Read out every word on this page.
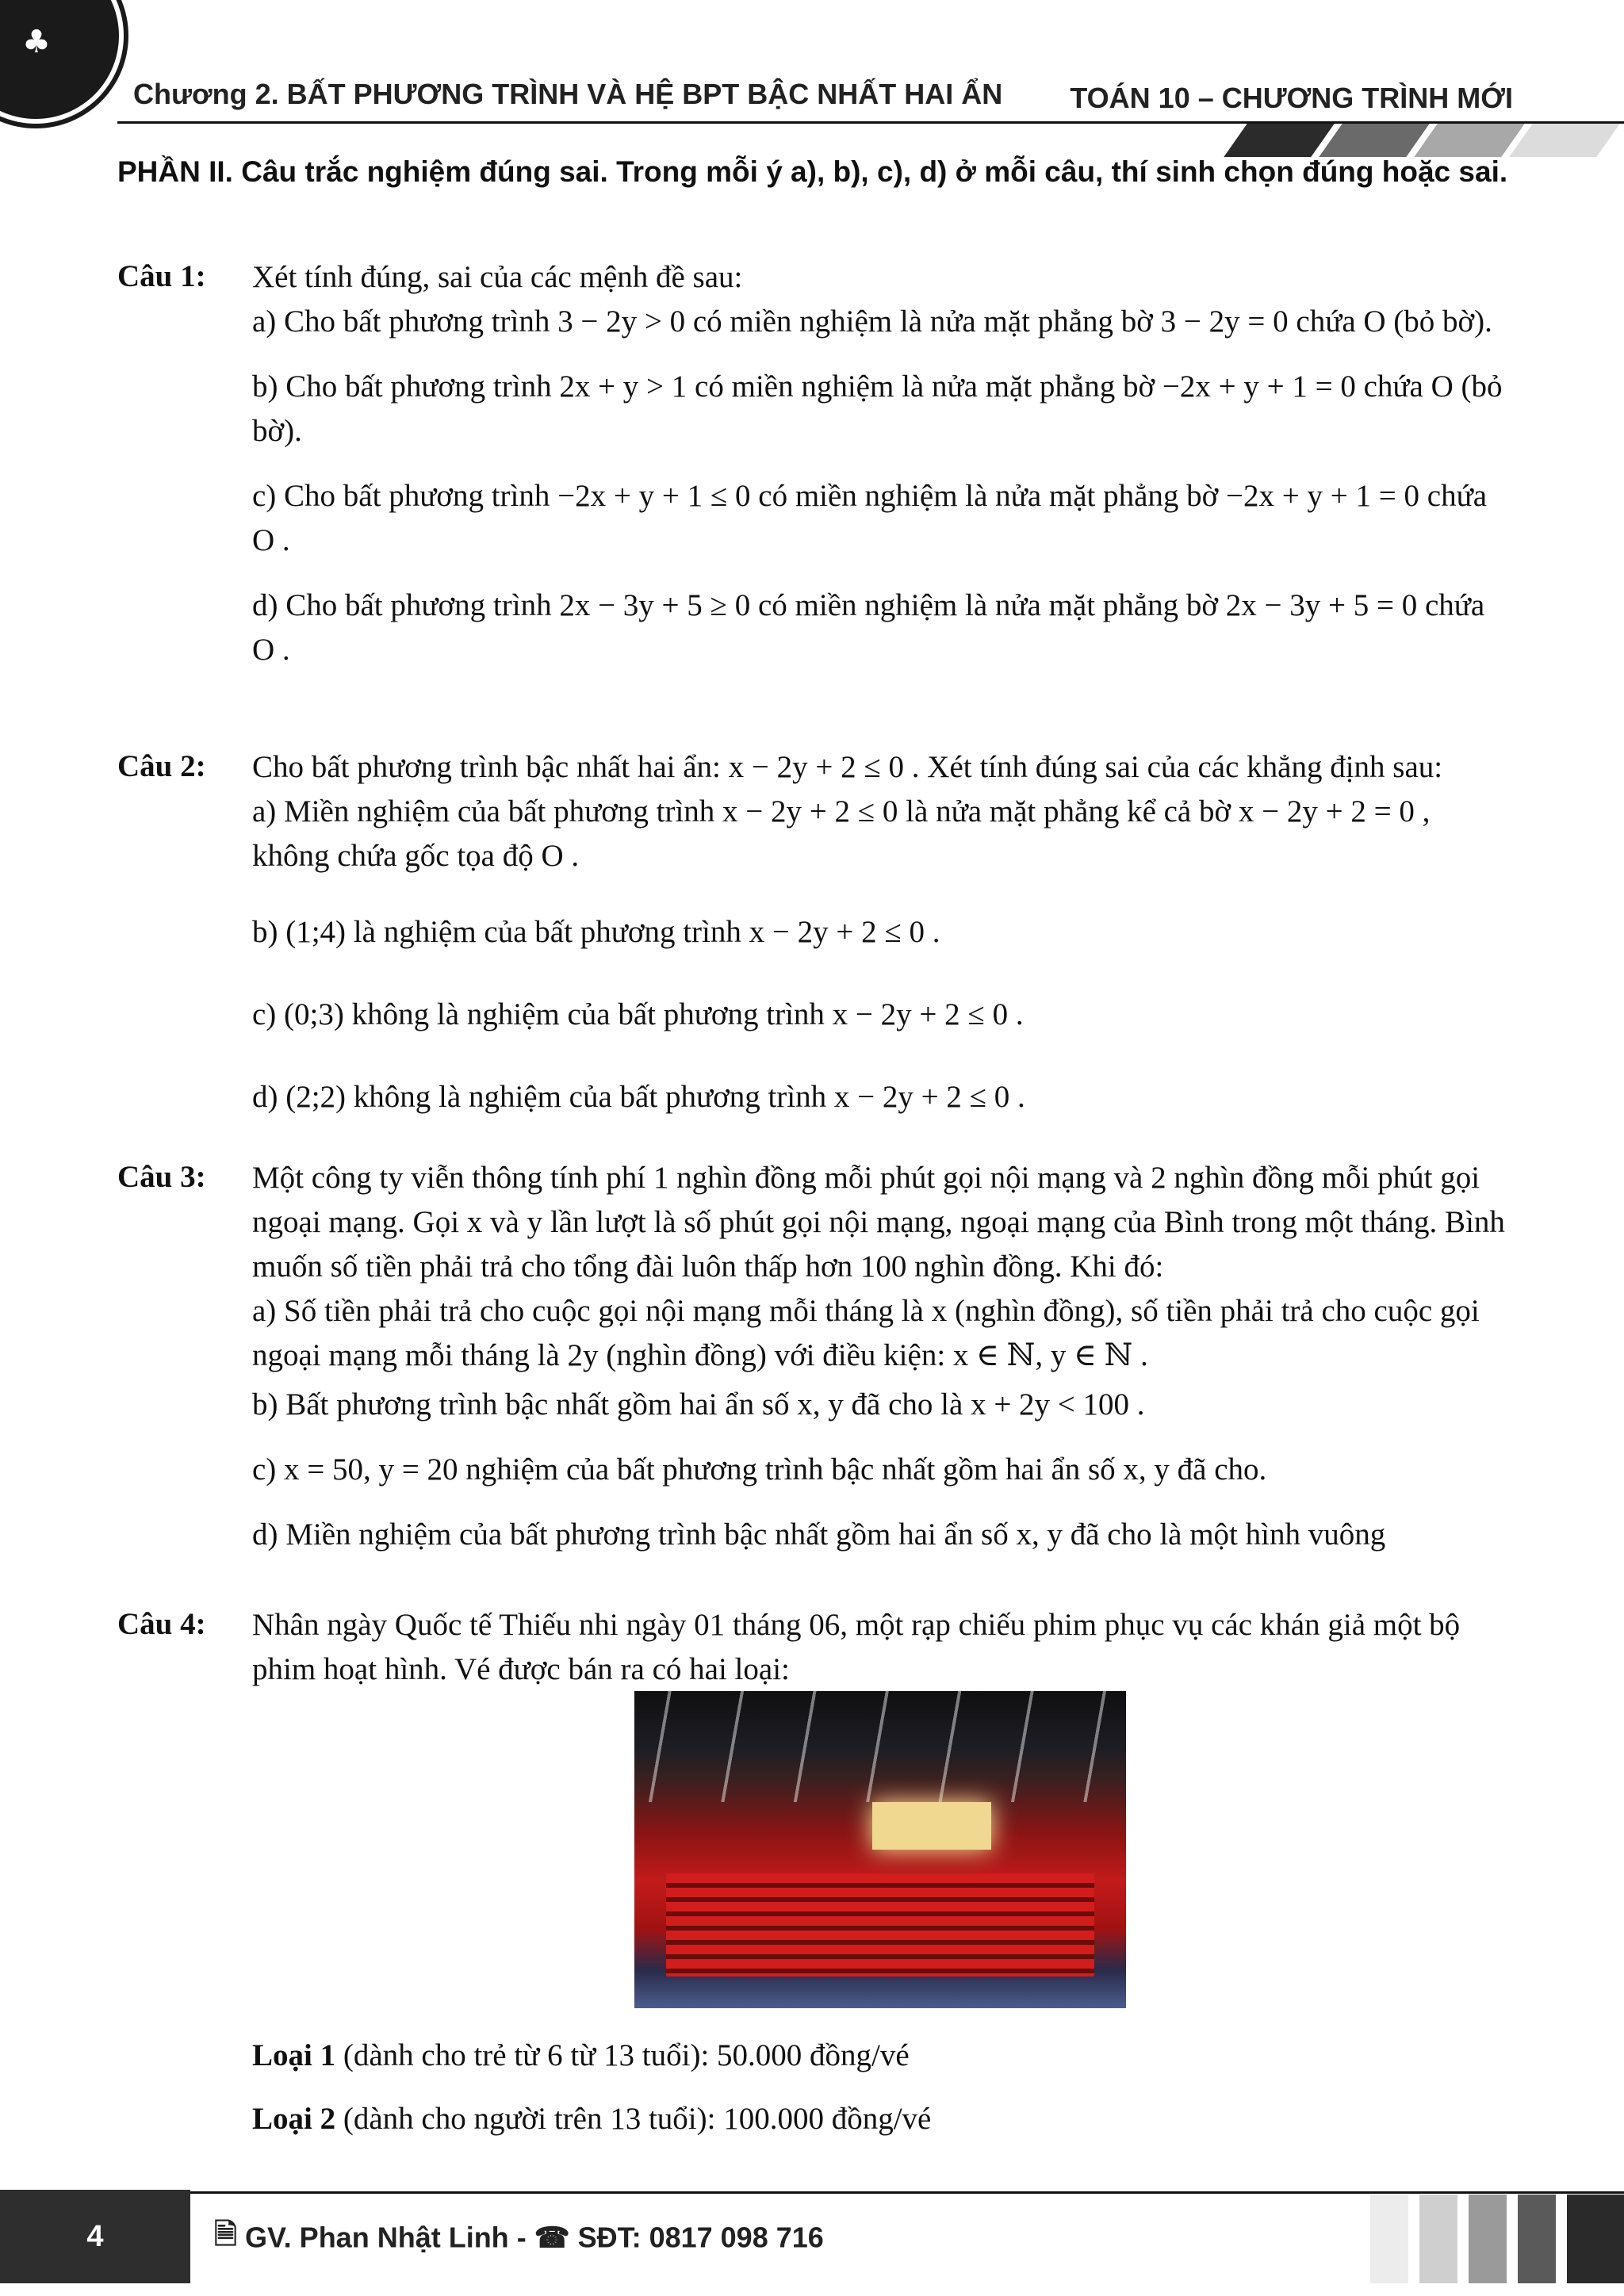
♣
Chương 2. BẤT PHƯƠNG TRÌNH VÀ HỆ BPT BẬC NHẤT HAI ẨN TOÁN 10 – CHƯƠNG TRÌNH MỚI
PHẦN II. Câu trắc nghiệm đúng sai. Trong mỗi ý a), b), c), d) ở mỗi câu, thí sinh chọn đúng hoặc sai.
Câu 1: Xét tính đúng, sai của các mệnh đề sau:

a) Cho bất phương trình 3 − 2y > 0 có miền nghiệm là nửa mặt phẳng bờ 3 − 2y = 0 chứa O (bỏ bờ).

b) Cho bất phương trình 2x + y > 1 có miền nghiệm là nửa mặt phẳng bờ −2x + y + 1 = 0 chứa O (bỏ bờ).

c) Cho bất phương trình −2x + y + 1 ≤ 0 có miền nghiệm là nửa mặt phẳng bờ −2x + y + 1 = 0 chứa O .

d) Cho bất phương trình 2x − 3y + 5 ≥ 0 có miền nghiệm là nửa mặt phẳng bờ 2x − 3y + 5 = 0 chứa O .

Câu 2: Cho bất phương trình bậc nhất hai ẩn: x − 2y + 2 ≤ 0 . Xét tính đúng sai của các khẳng định sau:

a) Miền nghiệm của bất phương trình x − 2y + 2 ≤ 0 là nửa mặt phẳng kể cả bờ x − 2y + 2 = 0 , không chứa gốc tọa độ O .

b) (1;4) là nghiệm của bất phương trình x − 2y + 2 ≤ 0 .

c) (0;3) không là nghiệm của bất phương trình x − 2y + 2 ≤ 0 .

d) (2;2) không là nghiệm của bất phương trình x − 2y + 2 ≤ 0 .

Câu 3: Một công ty viễn thông tính phí 1 nghìn đồng mỗi phút gọi nội mạng và 2 nghìn đồng mỗi phút gọi ngoại mạng. Gọi x và y lần lượt là số phút gọi nội mạng, ngoại mạng của Bình trong một tháng. Bình muốn số tiền phải trả cho tổng đài luôn thấp hơn 100 nghìn đồng. Khi đó:

a) Số tiền phải trả cho cuộc gọi nội mạng mỗi tháng là x (nghìn đồng), số tiền phải trả cho cuộc gọi ngoại mạng mỗi tháng là 2y (nghìn đồng) với điều kiện: x ∈ ℕ, y ∈ ℕ .

b) Bất phương trình bậc nhất gồm hai ẩn số x, y đã cho là x + 2y < 100 .

c) x = 50, y = 20 nghiệm của bất phương trình bậc nhất gồm hai ẩn số x, y đã cho.

d) Miền nghiệm của bất phương trình bậc nhất gồm hai ẩn số x, y đã cho là một hình vuông

Câu 4: Nhân ngày Quốc tế Thiếu nhi ngày 01 tháng 06, một rạp chiếu phim phục vụ các khán giả một bộ phim hoạt hình. Vé được bán ra có hai loại:

Loại 1 (dành cho trẻ từ 6 từ 13 tuổi): 50.000 đồng/vé

Loại 2 (dành cho người trên 13 tuổi): 100.000 đồng/vé

4	🗎 GV. Phan Nhật Linh - ☎ SĐT: 0817 098 716
